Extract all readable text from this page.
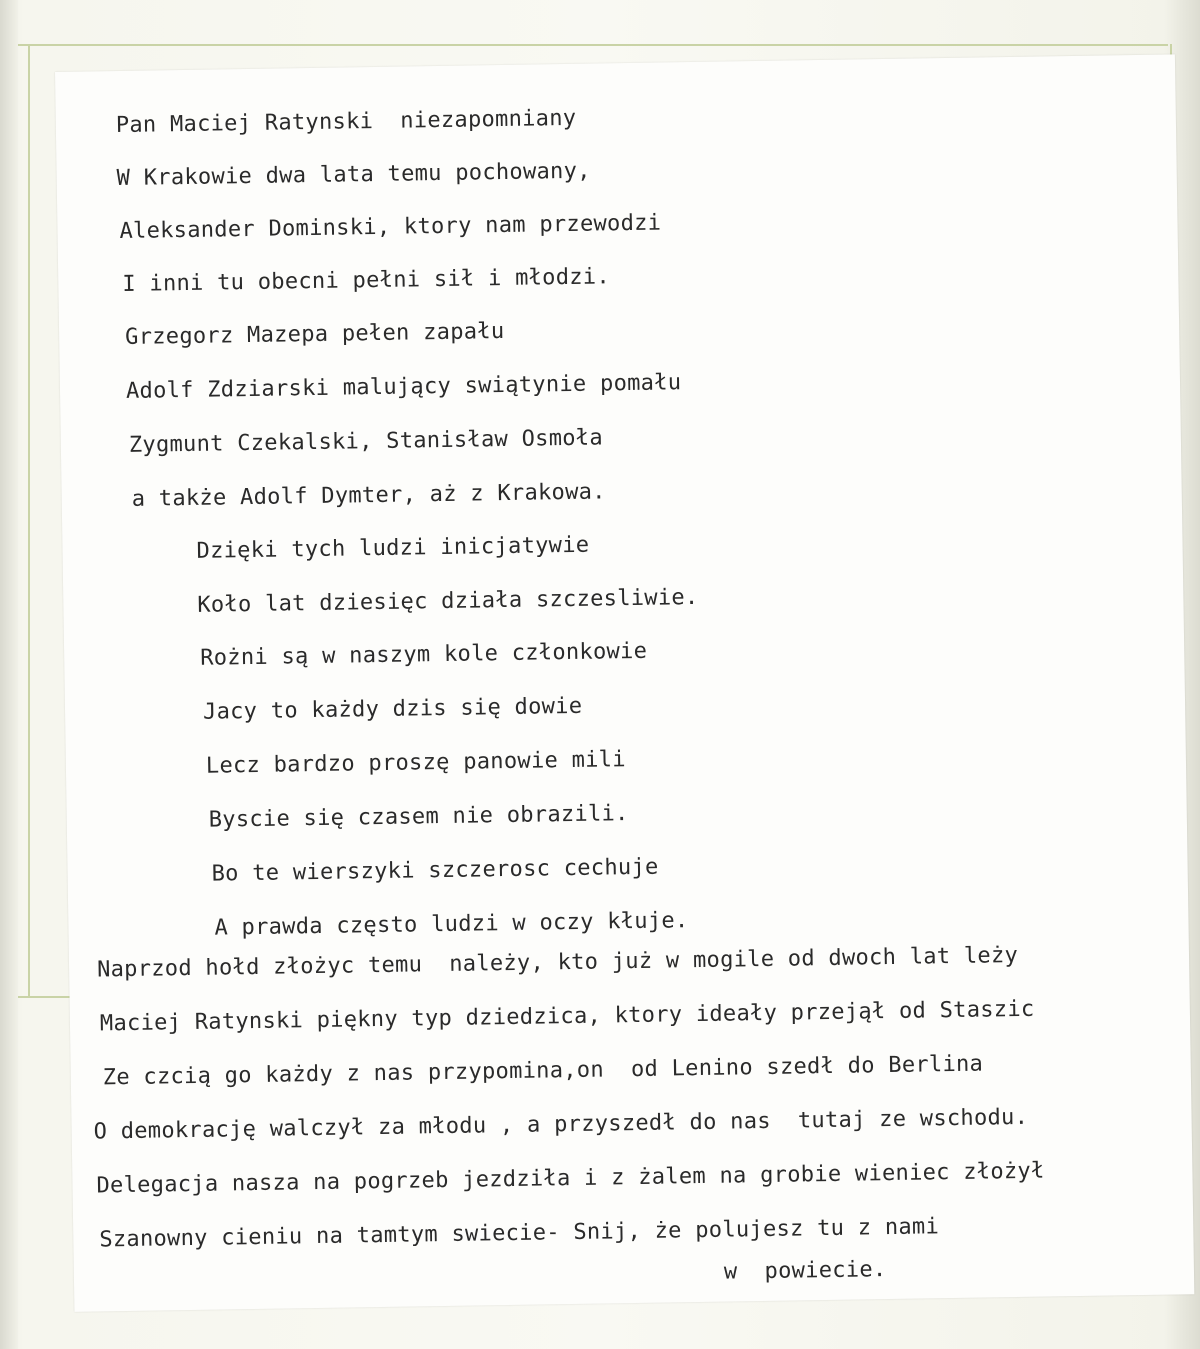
Pan Maciej Ratynski  niezapomniany
W Krakowie dwa lata temu pochowany,
Aleksander Dominski, ktory nam przewodzi
I inni tu obecni pełni sił i młodzi.
Grzegorz Mazepa pełen zapału
Adolf Zdziarski malujący swiątynie pomału
Zygmunt Czekalski, Stanisław Osmoła
a także Adolf Dymter, aż z Krakowa.
Dzięki tych ludzi inicjatywie
Koło lat dziesięc działa szczesliwie.
Rożni są w naszym kole członkowie
Jacy to każdy dzis się dowie
Lecz bardzo proszę panowie mili
Byscie się czasem nie obrazili.
Bo te wierszyki szczerosc cechuje
A prawda często ludzi w oczy kłuje.
Naprzod hołd złożyc temu  należy, kto już w mogile od dwoch lat leży
Maciej Ratynski piękny typ dziedzica, ktory ideały przejął od Staszic
Ze czcią go każdy z nas przypomina,on  od Lenino szedł do Berlina
O demokrację walczył za młodu , a przyszedł do nas  tutaj ze wschodu.
Delegacja nasza na pogrzeb jezdziła i z żalem na grobie wieniec złożył
Szanowny cieniu na tamtym swiecie- Snij, że polujesz tu z nami
w  powiecie.
